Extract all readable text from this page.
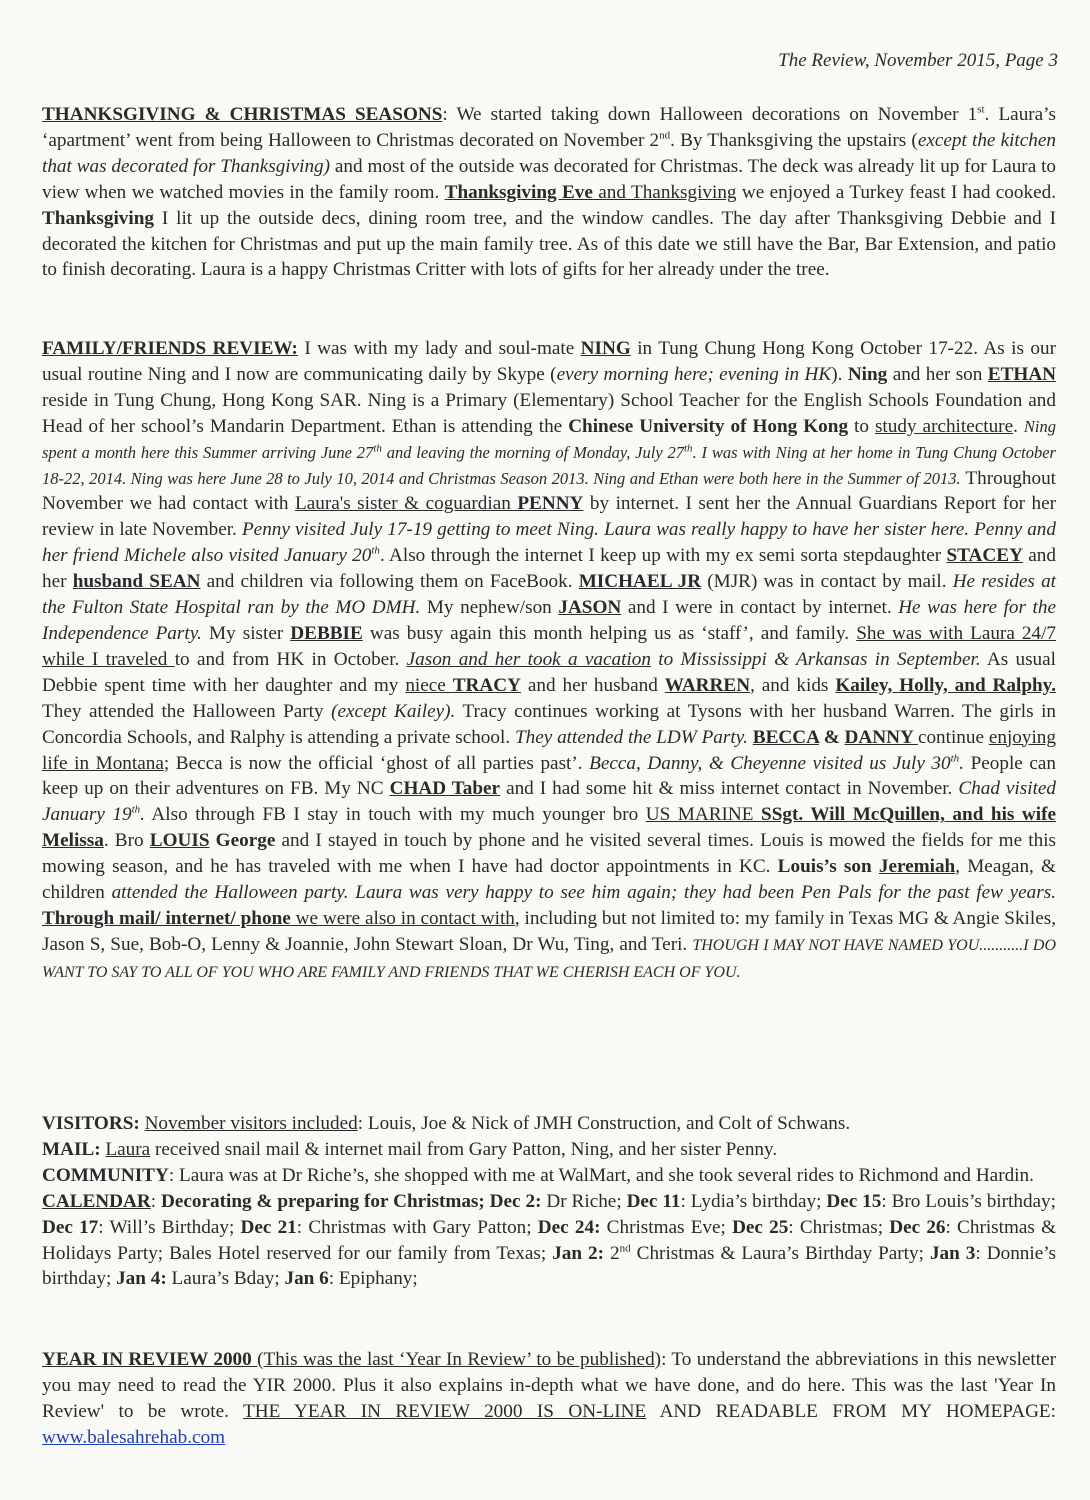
The Review, November 2015, Page 3

THANKSGIVING & CHRISTMAS SEASONS: We started taking down Halloween decorations on November 1st. Laura’s ‘apartment’ went from being Halloween to Christmas decorated on November 2nd. By Thanksgiving the upstairs (except the kitchen that was decorated for Thanksgiving) and most of the outside was decorated for Christmas. The deck was already lit up for Laura to view when we watched movies in the family room. Thanksgiving Eve and Thanksgiving we enjoyed a Turkey feast I had cooked. Thanksgiving I lit up the outside decs, dining room tree, and the window candles. The day after Thanksgiving Debbie and I decorated the kitchen for Christmas and put up the main family tree. As of this date we still have the Bar, Bar Extension, and patio to finish decorating. Laura is a happy Christmas Critter with lots of gifts for her already under the tree.

FAMILY/FRIENDS REVIEW: I was with my lady and soul-mate NING in Tung Chung Hong Kong October 17-22. As is our usual routine Ning and I now are communicating daily by Skype (every morning here; evening in HK). Ning and her son ETHAN reside in Tung Chung, Hong Kong SAR. Ning is a Primary (Elementary) School Teacher for the English Schools Foundation and Head of her school’s Mandarin Department. Ethan is attending the Chinese University of Hong Kong to study architecture. Ning spent a month here this Summer arriving June 27th and leaving the morning of Monday, July 27th. I was with Ning at her home in Tung Chung October 18-22, 2014. Ning was here June 28 to July 10, 2014 and Christmas Season 2013. Ning and Ethan were both here in the Summer of 2013. Throughout November we had contact with Laura's sister & coguardian PENNY by internet. I sent her the Annual Guardians Report for her review in late November. Penny visited July 17-19 getting to meet Ning. Laura was really happy to have her sister here. Penny and her friend Michele also visited January 20th. Also through the internet I keep up with my ex semi sorta stepdaughter STACEY and her husband SEAN and children via following them on FaceBook. MICHAEL JR (MJR) was in contact by mail. He resides at the Fulton State Hospital ran by the MO DMH. My nephew/son JASON and I were in contact by internet. He was here for the Independence Party. My sister DEBBIE was busy again this month helping us as ‘staff’, and family. She was with Laura 24/7 while I traveled to and from HK in October. Jason and her took a vacation to Mississippi & Arkansas in September. As usual Debbie spent time with her daughter and my niece TRACY and her husband WARREN, and kids Kailey, Holly, and Ralphy. They attended the Halloween Party (except Kailey). Tracy continues working at Tysons with her husband Warren. The girls in Concordia Schools, and Ralphy is attending a private school. They attended the LDW Party. BECCA & DANNY continue enjoying life in Montana; Becca is now the official ‘ghost of all parties past’. Becca, Danny, & Cheyenne visited us July 30th. People can keep up on their adventures on FB. My NC CHAD Taber and I had some hit & miss internet contact in November. Chad visited January 19th. Also through FB I stay in touch with my much younger bro US MARINE SSgt. Will McQuillen, and his wife Melissa. Bro LOUIS George and I stayed in touch by phone and he visited several times. Louis is mowed the fields for me this mowing season, and he has traveled with me when I have had doctor appointments in KC. Louis’s son Jeremiah, Meagan, & children attended the Halloween party. Laura was very happy to see him again; they had been Pen Pals for the past few years. Through mail/ internet/ phone we were also in contact with, including but not limited to: my family in Texas MG & Angie Skiles, Jason S, Sue, Bob-O, Lenny & Joannie, John Stewart Sloan, Dr Wu, Ting, and Teri. THOUGH I MAY NOT HAVE NAMED YOU...........I DO WANT TO SAY TO ALL OF YOU WHO ARE FAMILY AND FRIENDS THAT WE CHERISH EACH OF YOU.

VISITORS: November visitors included: Louis, Joe & Nick of JMH Construction, and Colt of Schwans.

MAIL: Laura received snail mail & internet mail from Gary Patton, Ning, and her sister Penny.

COMMUNITY: Laura was at Dr Riche’s, she shopped with me at WalMart, and she took several rides to Richmond and Hardin.

CALENDAR: Decorating & preparing for Christmas; Dec 2: Dr Riche; Dec 11: Lydia’s birthday; Dec 15: Bro Louis’s birthday; Dec 17: Will’s Birthday; Dec 21: Christmas with Gary Patton; Dec 24: Christmas Eve; Dec 25: Christmas; Dec 26: Christmas & Holidays Party; Bales Hotel reserved for our family from Texas; Jan 2: 2nd Christmas & Laura’s Birthday Party; Jan 3: Donnie’s birthday; Jan 4: Laura’s Bday; Jan 6: Epiphany;

YEAR IN REVIEW 2000 (This was the last ‘Year In Review’ to be published): To understand the abbreviations in this newsletter you may need to read the YIR 2000. Plus it also explains in-depth what we have done, and do here. This was the last 'Year In Review' to be wrote. THE YEAR IN REVIEW 2000 IS ON-LINE AND READABLE FROM MY HOMEPAGE: www.balesahrehab.com
